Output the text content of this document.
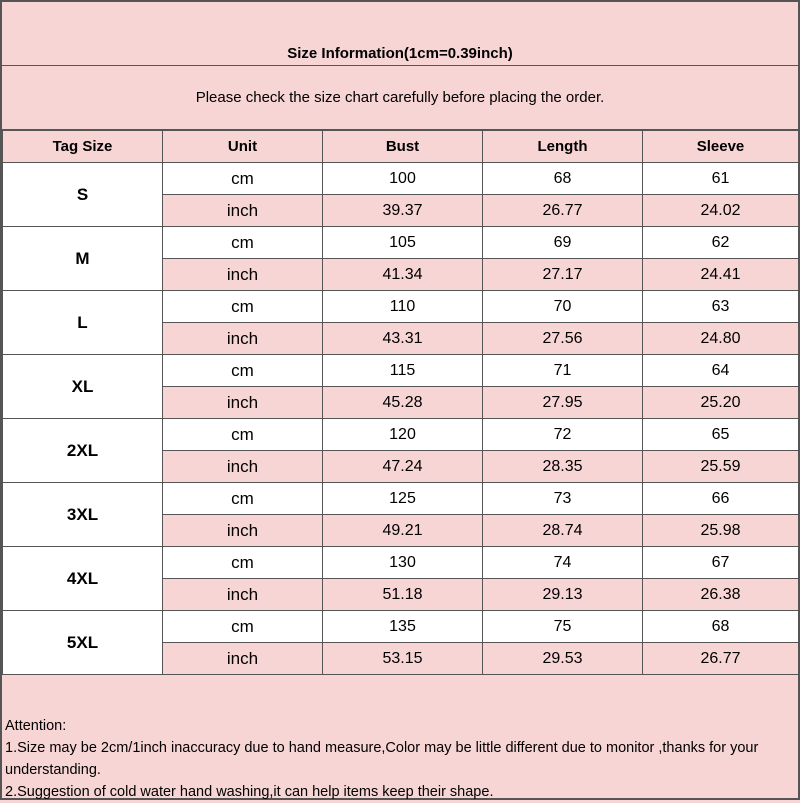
Size Information(1cm=0.39inch)
Please check the size chart carefully before placing the order.
Tag Size	Unit	Bust	Length	Sleeve
S	cm	100	68	61
	inch	39.37	26.77	24.02
M	cm	105	69	62
	inch	41.34	27.17	24.41
L	cm	110	70	63
	inch	43.31	27.56	24.80
XL	cm	115	71	64
	inch	45.28	27.95	25.20
2XL	cm	120	72	65
	inch	47.24	28.35	25.59
3XL	cm	125	73	66
	inch	49.21	28.74	25.98
4XL	cm	130	74	67
	inch	51.18	29.13	26.38
5XL	cm	135	75	68
	inch	53.15	29.53	26.77
Attention:
1.Size may be 2cm/1inch inaccuracy due to hand measure,Color may be little different due to monitor ,thanks for your understanding.
2.Suggestion of cold water hand washing,it can help items keep their shape.
